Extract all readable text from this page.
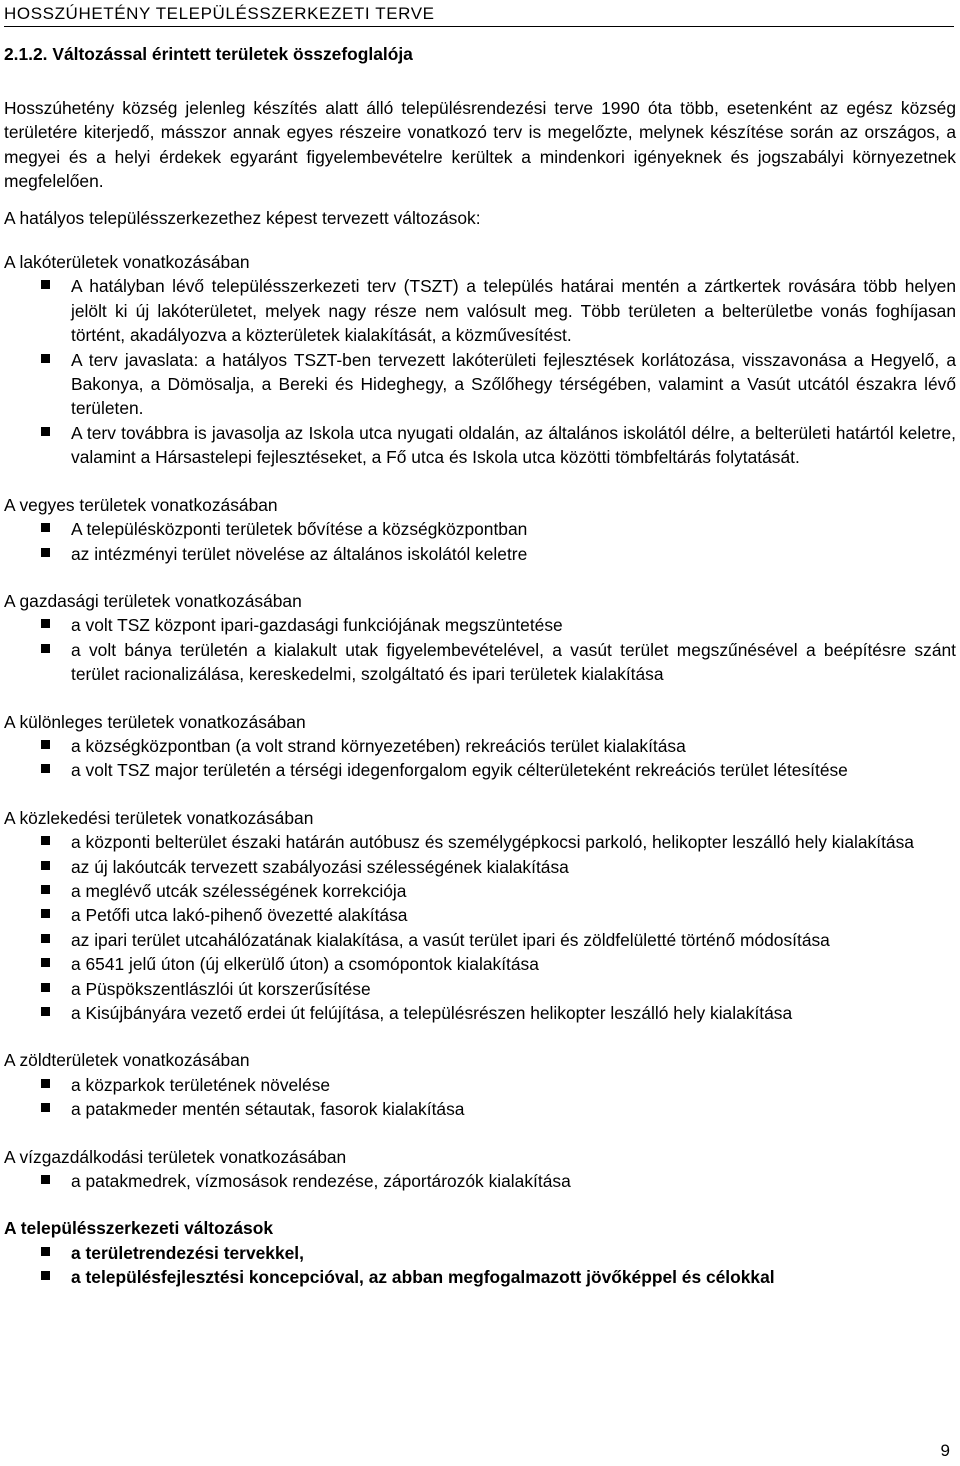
HOSSZÚHETÉNY TELEPÜLÉSSZERKEZETI TERVE
2.1.2. Változással érintett területek összefoglalója

Hosszúhetény község jelenleg készítés alatt álló településrendezési terve 1990 óta több, esetenként az egész község területére kiterjedő, másszor annak egyes részeire vonatkozó terv is megelőzte, melynek készítése során az országos, a megyei és a helyi érdekek egyaránt figyelembevételre kerültek a mindenkori igényeknek és jogszabályi környezetnek megfelelően.

A hatályos településszerkezethez képest tervezett változások:

A lakóterületek vonatkozásában
A hatályban lévő településszerkezeti terv (TSZT) a település határai mentén a zártkertek rovására több helyen jelölt ki új lakóterületet, melyek nagy része nem valósult meg. Több területen a belterületbe vonás foghíjasan történt, akadályozva a közterületek kialakítását, a közművesítést.
A terv javaslata: a hatályos TSZT-ben tervezett lakóterületi fejlesztések korlátozása, visszavonása a Hegyelő, a Bakonya, a Dömösalja, a Bereki és Hideghegy, a Szőlőhegy térségében, valamint a Vasút utcától északra lévő területen.
A terv továbbra is javasolja az Iskola utca nyugati oldalán, az általános iskolától délre, a belterületi határtól keletre, valamint a Hársastelepi fejlesztéseket, a Fő utca és Iskola utca közötti tömbfeltárás folytatását.
A vegyes területek vonatkozásában
A településközponti területek bővítése a községközpontban
az intézményi terület növelése az általános iskolától keletre
A gazdasági területek vonatkozásában
a volt TSZ központ ipari-gazdasági funkciójának megszüntetése
a volt bánya területén a kialakult utak figyelembevételével, a vasút terület megszűnésével a beépítésre szánt terület racionalizálása, kereskedelmi, szolgáltató és ipari területek kialakítása
A különleges területek vonatkozásában
a községközpontban (a volt strand környezetében) rekreációs terület kialakítása
a volt TSZ major területén a térségi idegenforgalom egyik célterületeként rekreációs terület létesítése
A közlekedési területek vonatkozásában
a központi belterület északi határán autóbusz és személygépkocsi parkoló, helikopter leszálló hely kialakítása
az új lakóutcák tervezett szabályozási szélességének kialakítása
a meglévő utcák szélességének korrekciója
a Petőfi utca lakó-pihenő övezetté alakítása
az ipari terület utcahálózatának kialakítása, a vasút terület ipari és zöldfelületté történő módosítása
a 6541 jelű úton (új elkerülő úton) a csomópontok kialakítása
a Püspökszentlászlói út korszerűsítése
a Kisújbányára vezető erdei út felújítása, a településrészen helikopter leszálló hely kialakítása
A zöldterületek vonatkozásában
a közparkok területének növelése
a patakmeder mentén sétautak, fasorok kialakítása
A vízgazdálkodási területek vonatkozásában
a patakmedrek, vízmosások rendezése, záportározók kialakítása
A településszerkezeti változások
a területrendezési tervekkel,
a településfejlesztési koncepcióval, az abban megfogalmazott jövőképpel és célokkal
9
